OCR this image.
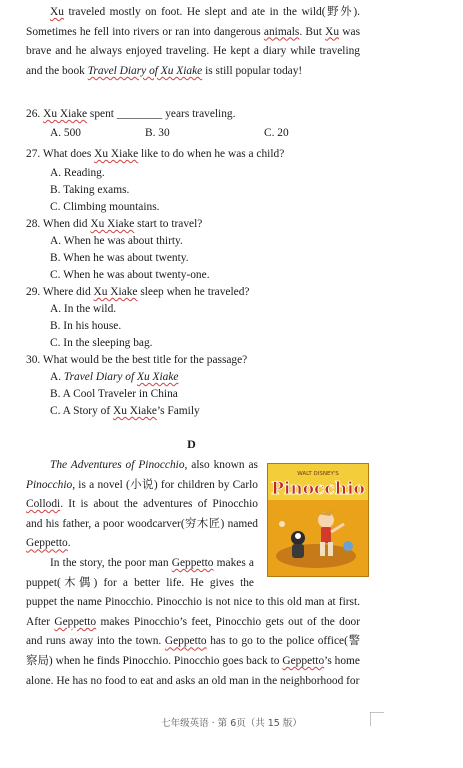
Xu traveled mostly on foot. He slept and ate in the wild(野外). Sometimes he fell into rivers or ran into dangerous animals. But Xu was brave and he always enjoyed traveling. He kept a diary while traveling and the book Travel Diary of Xu Xiake is still popular today!
26. Xu Xiake spent ________ years traveling.
A. 500	B. 30	C. 20
27. What does Xu Xiake like to do when he was a child?
A. Reading.
B. Taking exams.
C. Climbing mountains.
28. When did Xu Xiake start to travel?
A. When he was about thirty.
B. When he was about twenty.
C. When he was about twenty-one.
29. Where did Xu Xiake sleep when he traveled?
A. In the wild.
B. In his house.
C. In the sleeping bag.
30. What would be the best title for the passage?
A. Travel Diary of Xu Xiake
B. A Cool Traveler in China
C. A Story of Xu Xiake’s Family
D
The Adventures of Pinocchio, also known as Pinocchio, is a novel (小说) for children by Carlo Collodi. It is about the adventures of Pinocchio and his father, a poor woodcarver(穷木匠) named Geppetto.
In the story, the poor man Geppetto makes a puppet(木偶) for a better life. He gives the puppet the name Pinocchio. Pinocchio is not nice to this old man at first. After Geppetto makes Pinocchio’s feet, Pinocchio gets out of the door and runs away into the town. Geppetto has to go to the police office(警察局) when he finds Pinocchio. Pinocchio goes back to Geppetto’s home alone. He has no food to eat and asks an old man in the neighborhood for
WALT DISNEY'S
Pinocchio
七年级英语 · 第 6页（共 15 版）
